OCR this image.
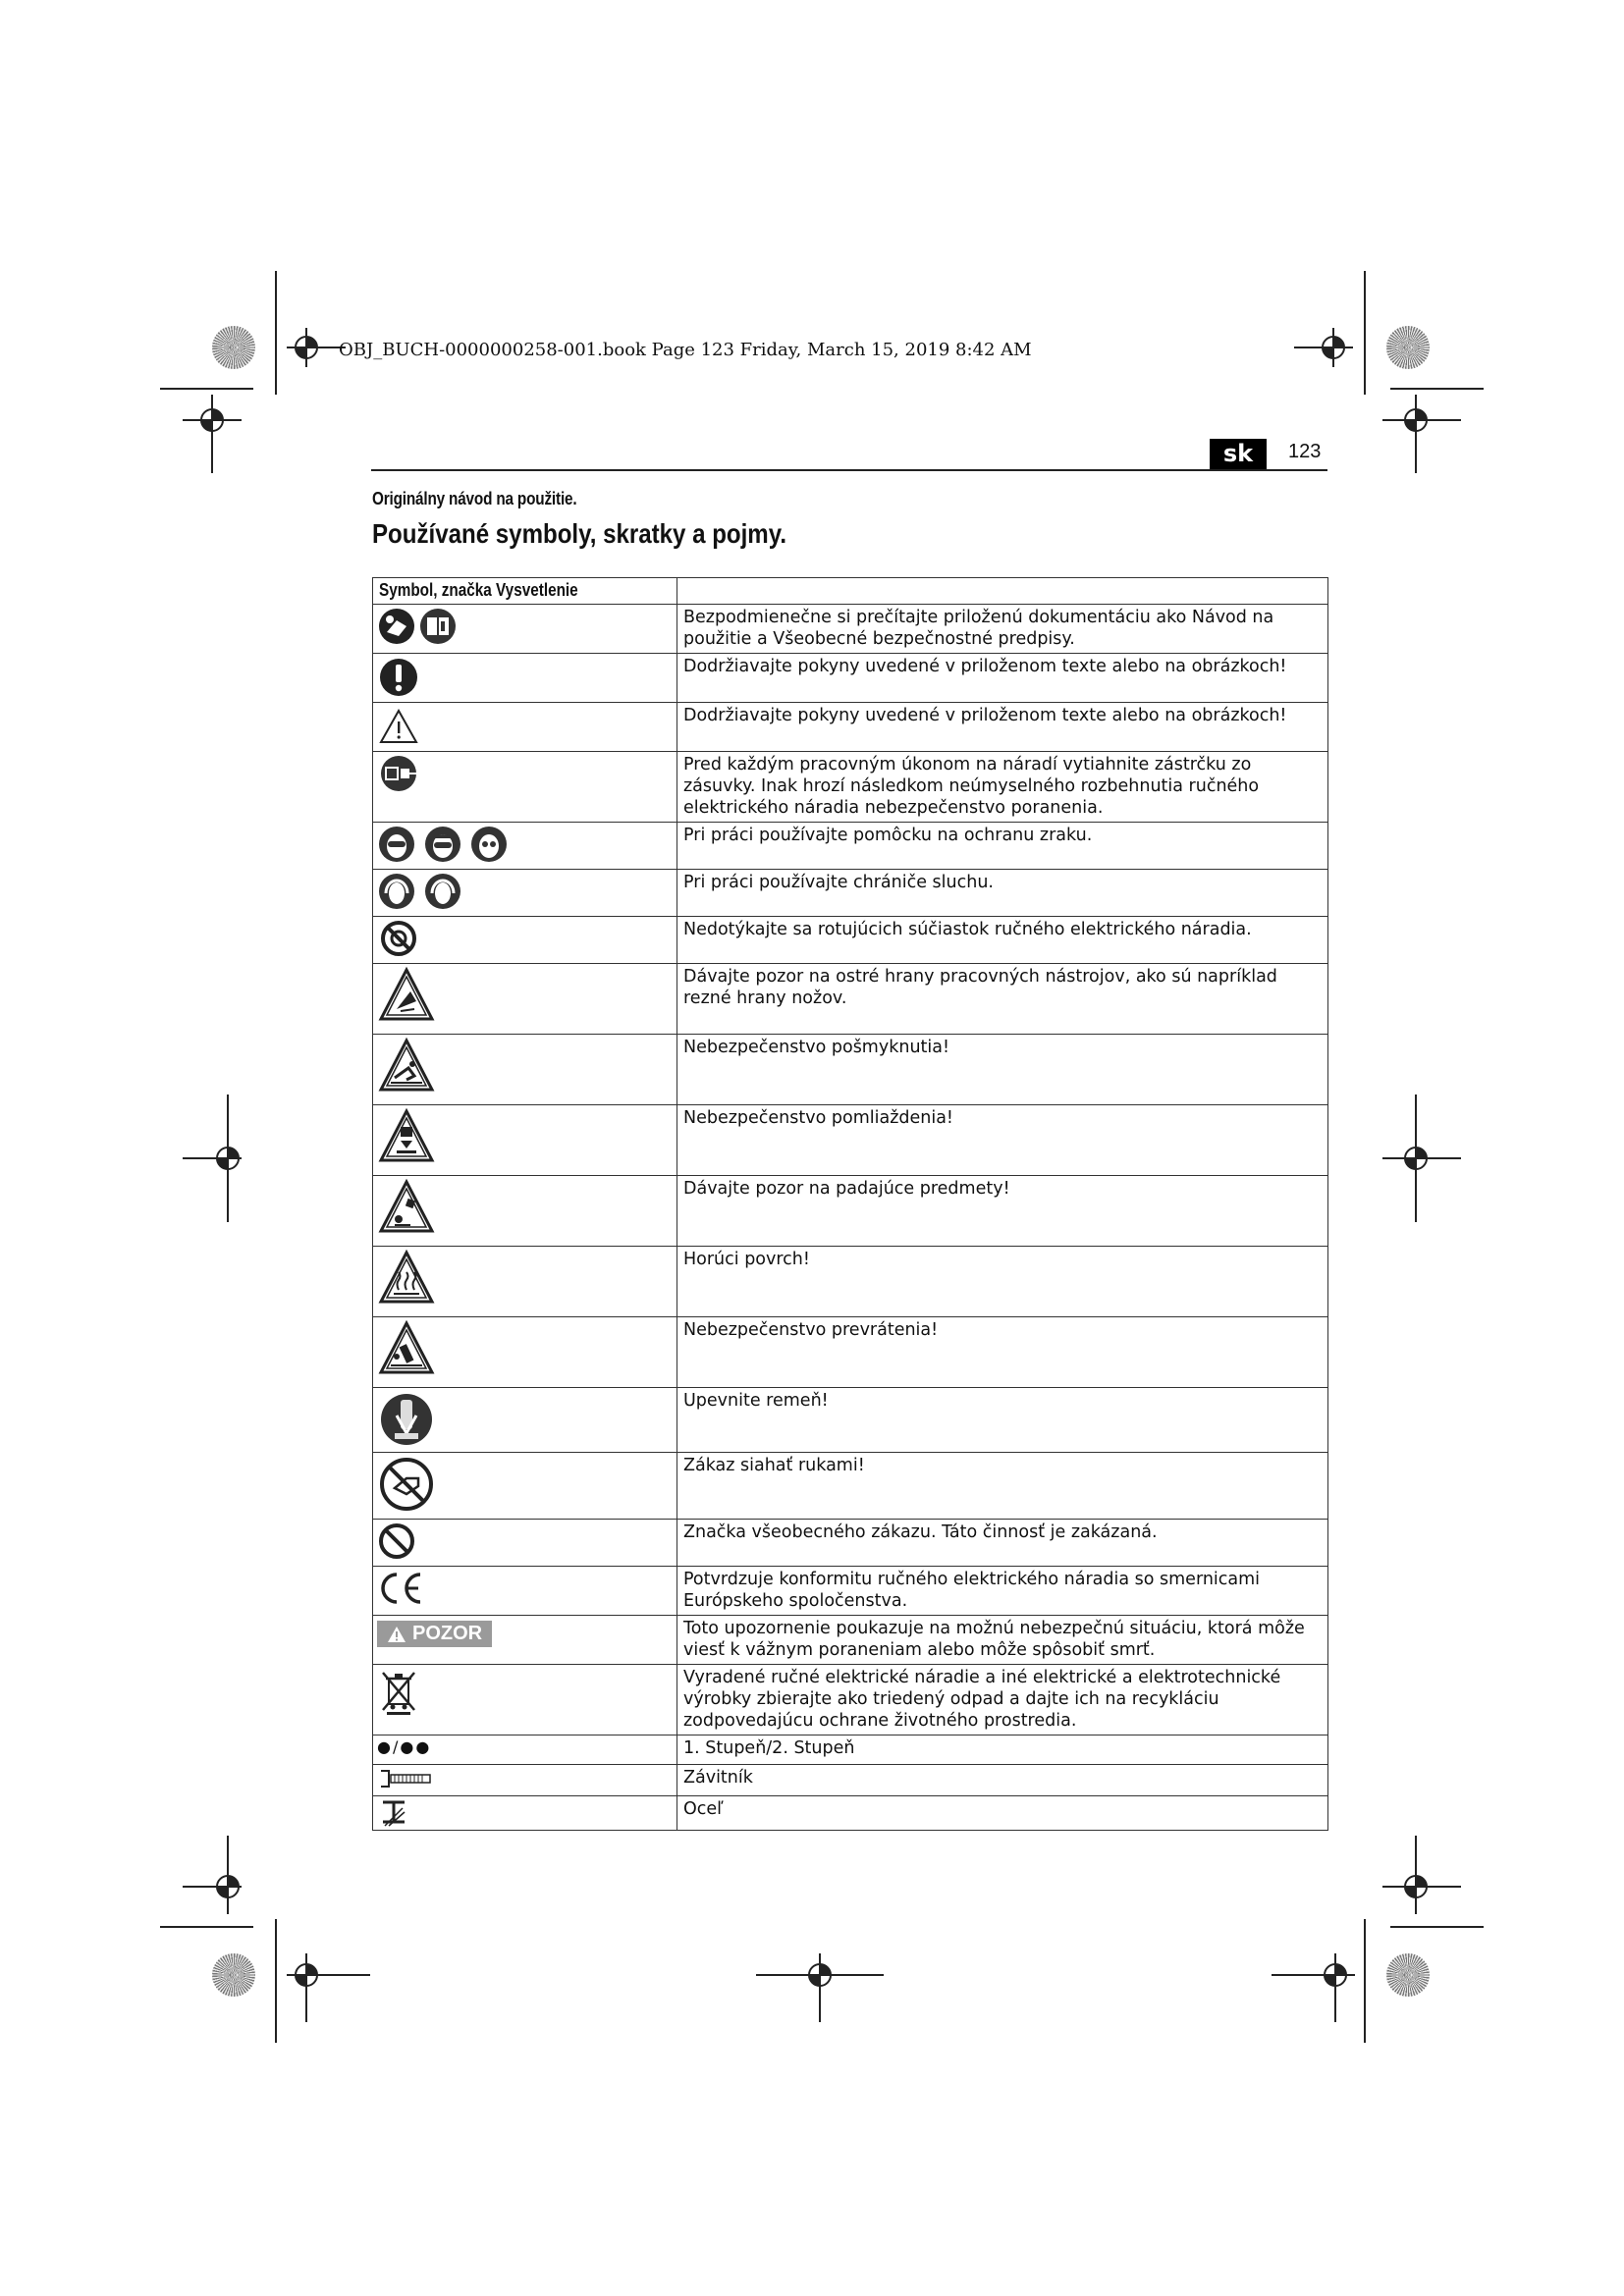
OBJ_BUCH-0000000258-001.book Page 123 Friday, March 15, 2019 8:42 AM
sk	123
Originálny návod na použitie.
Používané symboly, skratky a pojmy.
Symbol, značka Vysvetlenie	

	Bezpodmienečne si prečítajte priloženú dokumentáciu ako Návod na použitie a Všeobecné bezpečnostné predpisy.

	Dodržiavajte pokyny uvedené v priloženom texte alebo na obrázkoch!

	Dodržiavajte pokyny uvedené v priloženom texte alebo na obrázkoch!

	Pred každým pracovným úkonom na náradí vytiahnite zástrčku zo zásuvky. Inak hrozí následkom neúmyselného rozbehnutia ručného elektrického náradia nebezpečenstvo poranenia.

	Pri práci používajte pomôcku na ochranu zraku.

	Pri práci používajte chrániče sluchu.

	Nedotýkajte sa rotujúcich súčiastok ručného elektrického náradia.

	Dávajte pozor na ostré hrany pracovných nástrojov, ako sú napríklad rezné hrany nožov.

	Nebezpečenstvo pošmyknutia!

	Nebezpečenstvo pomliaždenia!

	Dávajte pozor na padajúce predmety!

	Horúci povrch!

	Nebezpečenstvo prevrátenia!

	Upevnite remeň!

	Zákaz siahať rukami!

	Značka všeobecného zákazu. Táto činnosť je zakázaná.

	Potvrdzuje konformitu ručného elektrického náradia so smernicami Európskeho spoločenstva.

POZOR	Toto upozornenie poukazuje na možnú nebezpečnú situáciu, ktorá môže viesť k vážnym poraneniam alebo môže spôsobiť smrť.

	Vyradené ručné elektrické náradie a iné elektrické a elektrotechnické výrobky zbierajte ako triedený odpad a dajte ich na recykláciu zodpovedajúcu ochrane životného prostredia.
●/●●	1. Stupeň/2. Stupeň

	Závitník

	Oceľ
